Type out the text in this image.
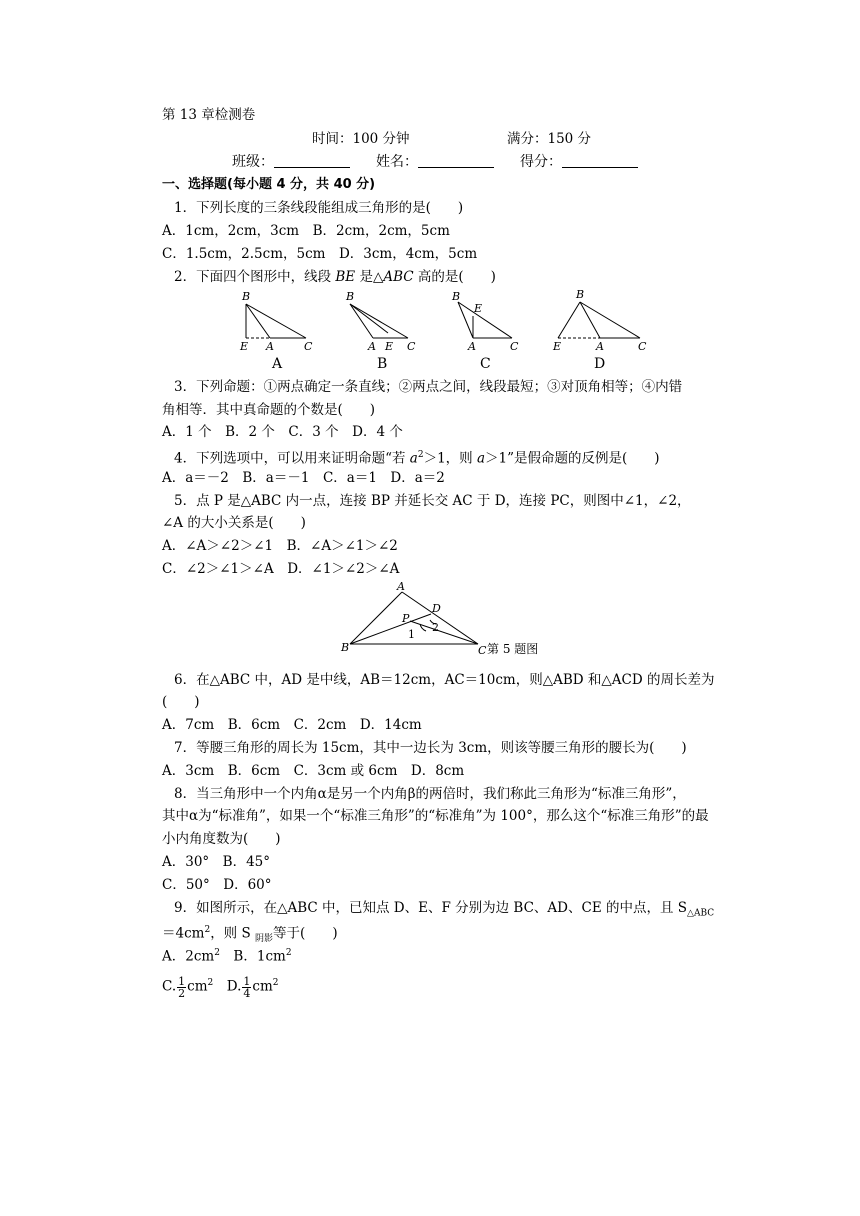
第 13 章检测卷
时间：100 分钟	满分：150 分
班级：	姓名：	得分：
一、选择题(每小题 4 分，共 40 分)
1．下列长度的三条线段能组成三角形的是(　　)
A．1cm，2cm，3cm　B．2cm，2cm，5cm
C．1.5cm，2.5cm，5cm　D．3cm，4cm，5cm
2．下面四个图形中，线段 BE 是△ABC 高的是(　　)
B
E A	C
B
A E C
B
E
A	C
B
E	A	C
A	B	C	D
3．下列命题：①两点确定一条直线；②两点之间，线段最短；③对顶角相等；④内错
角相等．其中真命题的个数是(　　)
A．1 个　B．2 个　C．3 个　D．4 个
4．下列选项中，可以用来证明命题“若 $a^2>1$，则 a＞1”是假命题的反例是(　　)
A．a＝－2　B．a＝－1　C．a＝1　D．a＝2
5．点 P 是△ABC 内一点，连接 BP 并延长交 AC 于 D，连接 PC，则图中∠1，∠2，
∠A 的大小关系是(　　)
A．∠A＞∠2＞∠1　B．∠A＞∠1＞∠2
C．∠2＞∠1＞∠A　D．∠1＞∠2＞∠A
A
B	C
D
P
1
2
第 5 题图
6．在△ABC 中，AD 是中线，AB＝12cm，AC＝10cm，则△ABD 和△ACD 的周长差为
(　　)
A．7cm　B．6cm　C．2cm　D．14cm
7．等腰三角形的周长为 15cm，其中一边长为 3cm，则该等腰三角形的腰长为(　　)
A．3cm　B．6cm　C．3cm 或 6cm　D．8cm
8．当三角形中一个内角α是另一个内角β的两倍时，我们称此三角形为“标准三角形”，
其中α为“标准角”，如果一个“标准三角形”的“标准角”为 100°，那么这个“标准三角形”的最
小内角度数为(　　)
A．30°　B．45°
C．50°　D．60°
9．如图所示，在△ABC 中，已知点 D、E、F 分别为边 BC、AD、CE 的中点，且 $S_{\triangle ABC}$
$=4cm^2$，则 S $_{阴影}$等于(　　)
A．$2cm^2$　B．$1cm^2$
C. $\frac{1}{2} cm^2$　D. $\frac{1}{4} cm^2$
